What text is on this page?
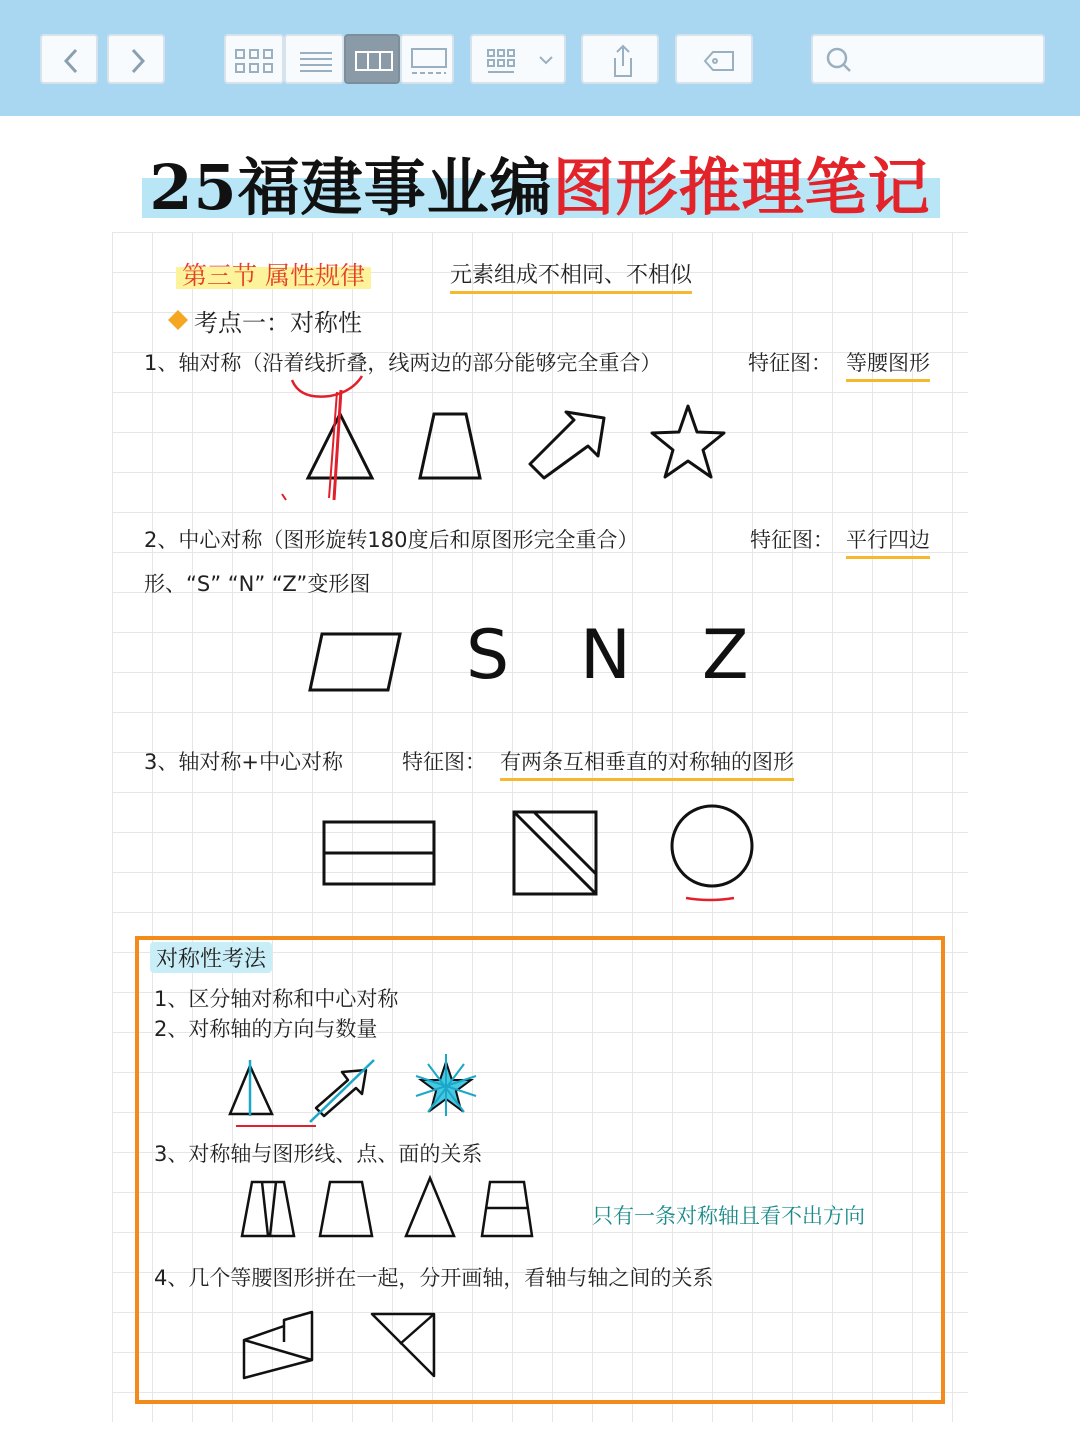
25福建事业编图形推理笔记
第三节 属性规律	元素组成不相同、不相似
考点一：对称性
1、轴对称（沿着线折叠，线两边的部分能够完全重合）	特征图： 等腰图形
2、中心对称（图形旋转180度后和原图形完全重合）	特征图： 平行四边
形、“S” “N” “Z”变形图
S N Z
3、轴对称+中心对称	特征图： 有两条互相垂直的对称轴的图形
对称性考法
1、区分轴对称和中心对称
2、对称轴的方向与数量
3、对称轴与图形线、点、面的关系
只有一条对称轴且看不出方向
4、几个等腰图形拼在一起，分开画轴，看轴与轴之间的关系
